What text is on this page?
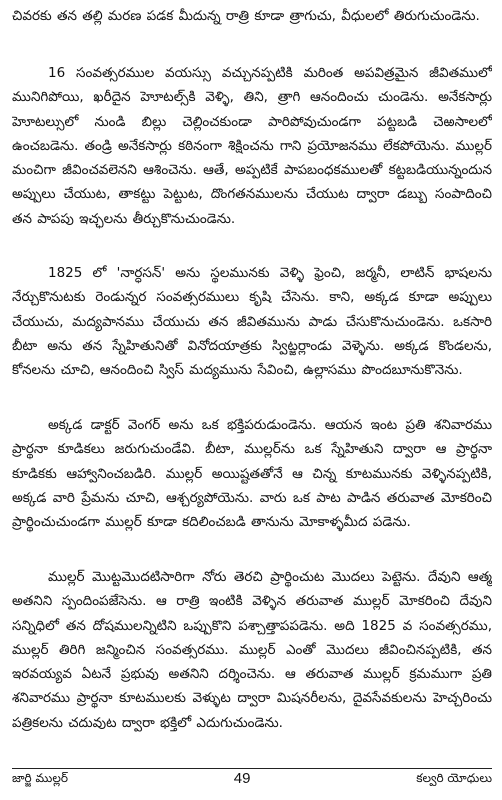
చివరకు తన తల్లి మరణ పడక మీదున్న రాత్రి కూడా త్రాగుచు, వీధులలో తిరుగుచుండెను.

16 సంవత్సరముల వయస్సు వచ్చునప్పటికి మరింత అపవిత్రమైన జీవితములో మునిగిపోయి, ఖరీదైన హెూటల్స్‌కి వెళ్ళి, తిని, త్రాగి ఆనందించు చుండెను. అనేకసార్లు హెూటల్సులో నుండి బిల్లు చెల్లించకుండా పారిపోవుచుండగా పట్టబడి చెఱసాలలో ఉంచబడెను. తండ్రి అనేకసార్లు కఠినంగా శిక్షించను గాని ప్రయోజనము లేకపోయెను. ముల్లర్ మంచిగా జీవించవలెనని ఆశించెను. ఆతే, అప్పటికే పాపబంధకములతో కట్టబడియున్నందున అప్పులు చేయుట, తాకట్టు పెట్టుట, దొంగతనములను చేయుట ద్వారా డబ్బు సంపాదించి తన పాపపు ఇచ్ఛలను తీర్చుకొనుచుండెను.

1825 లో 'నార్ధసన్' అను స్థలమునకు వెళ్ళి ఫ్రెంచి, జర్మనీ, లాటిన్ భాషలను నేర్చుకొనుటకు రెండున్నర సంవత్సరములు కృషి చేసెను. కాని, అక్కడ కూడా అప్పులు చేయుచు, మద్యపానము చేయుచు తన జీవితమును పాడు చేసుకొనుచుండెను. ఒకసారి బీటా అను తన స్నేహితునితో వినోదయాత్రకు స్విట్జర్లాండు వెళ్ళెను. అక్కడ కొండలను, కోనలను చూచి, ఆనందించి స్విస్ మద్యమును సేవించి, ఉల్లాసము పొందబూనుకొనెను.

అక్కడ డాక్టర్ వెంగర్ అను ఒక భక్తిపరుడుండెను. ఆయన ఇంట ప్రతి శనివారము ప్రార్థనా కూడికలు జరుగుచుండేవి. బీటా, ముల్లర్‌ను ఒక స్నేహితుని ద్వారా ఆ ప్రార్థనా కూడికకు ఆహ్వానించబడిరి. ముల్లర్ అయిష్టతతోనే ఆ చిన్న కూటమునకు వెళ్ళినప్పటికి, అక్కడ వారి ప్రేమను చూచి, ఆశ్చర్యపోయెను. వారు ఒక పాట పాడిన తరువాత మోకరించి ప్రార్థించుచుండగా ముల్లర్ కూడా కదిలించబడి తానును మోకాళ్ళమీద పడెను.

ముల్లర్ మొట్టమొదటిసారిగా నోరు తెరచి ప్రార్థించుట మొదలు పెట్టెను. దేవుని ఆత్మ అతనిని స్పందింపజేసెను. ఆ రాత్రి ఇంటికి వెళ్ళిన తరువాత ముల్లర్ మోకరించి దేవుని సన్నిధిలో తన దోషములన్నిటిని ఒప్పుకొని పశ్చాత్తాపపడెను. అది 1825 వ సంవత్సరము, ముల్లర్ తిరిగి జన్మించిన సంవత్సరము. ముల్లర్ ఎంతో మొదలు జీవించినప్పటికి, తన ఇరవయ్యవ ఏటనే ప్రభువు అతనిని దర్శించెను. ఆ తరువాత ముల్లర్ క్రమముగా ప్రతి శనివారము ప్రార్థనా కూటములకు వెళ్ళుట ద్వారా మిషనరీలను, దైవసేవకులను హెచ్చరించు పత్రికలను చదువుట ద్వారా భక్తిలో ఎదుగుచుండెను.

జార్జి ముల్లర్	49	కల్వరి యోధులు
